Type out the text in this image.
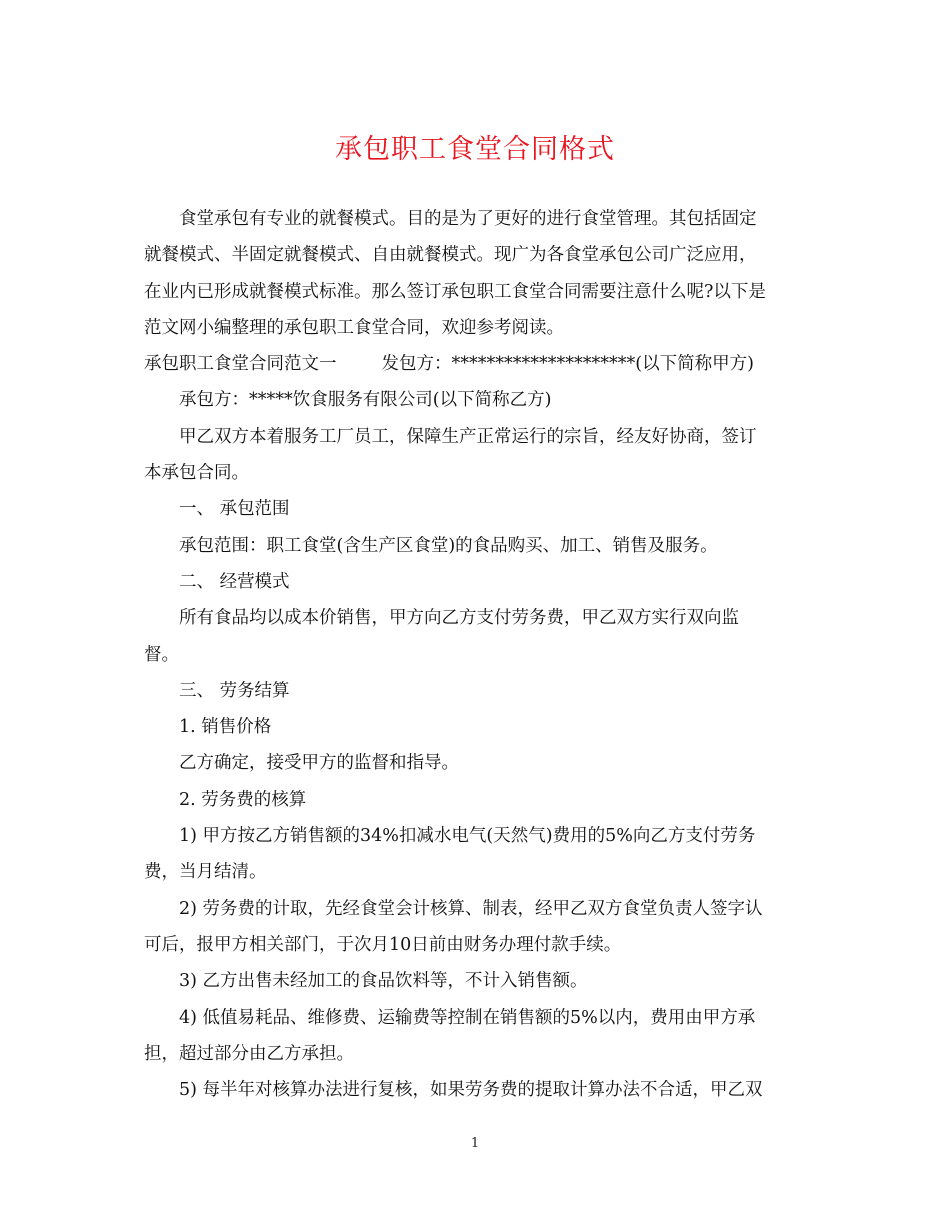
承包职工食堂合同格式

食堂承包有专业的就餐模式。目的是为了更好的进行食堂管理。其包括固定
就餐模式、半固定就餐模式、自由就餐模式。现广为各食堂承包公司广泛应用，
在业内已形成就餐模式标准。那么签订承包职工食堂合同需要注意什么呢?以下是
范文网小编整理的承包职工食堂合同，欢迎参考阅读。

承包职工食堂合同范文一	发包方：*********************(以下简称甲方)

承包方：*****饮食服务有限公司(以下简称乙方)

甲乙双方本着服务工厂员工，保障生产正常运行的宗旨，经友好协商，签订
本承包合同。

一、 承包范围

承包范围：职工食堂(含生产区食堂)的食品购买、加工、销售及服务。

二、 经营模式

所有食品均以成本价销售，甲方向乙方支付劳务费，甲乙双方实行双向监
督。

三、 劳务结算

1. 销售价格

乙方确定，接受甲方的监督和指导。

2. 劳务费的核算

1) 甲方按乙方销售额的34%扣减水电气(天然气)费用的5%向乙方支付劳务
费，当月结清。

2) 劳务费的计取，先经食堂会计核算、制表，经甲乙双方食堂负责人签字认
可后，报甲方相关部门，于次月10日前由财务办理付款手续。

3) 乙方出售未经加工的食品饮料等，不计入销售额。

4) 低值易耗品、维修费、运输费等控制在销售额的5%以内，费用由甲方承
担，超过部分由乙方承担。

5) 每半年对核算办法进行复核，如果劳务费的提取计算办法不合适，甲乙双

1
